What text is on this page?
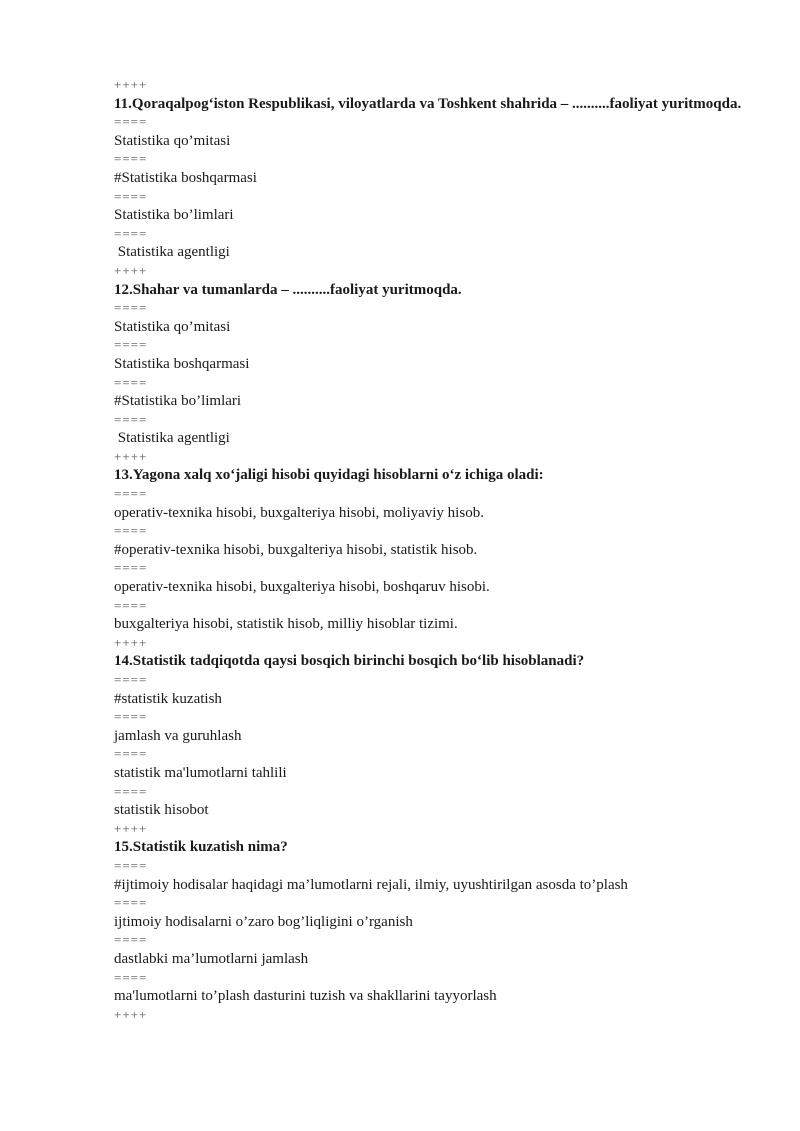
++++
11.Qoraqalpog‘iston Respublikasi, viloyatlarda va Toshkent shahrida – ..........faoliyat yuritmoqda.
====
Statistika qo’mitasi
====
#Statistika boshqarmasi
====
Statistika bo’limlari
====
Statistika agentligi
++++
12.Shahar va tumanlarda – ..........faoliyat yuritmoqda.
====
Statistika qo’mitasi
====
Statistika boshqarmasi
====
#Statistika bo’limlari
====
Statistika agentligi
++++
13.Yagona xalq xo‘jaligi hisobi quyidagi hisoblarni o‘z ichiga oladi:
====
operativ-texnika hisobi, buxgalteriya hisobi, moliyaviy hisob.
====
#operativ-texnika hisobi, buxgalteriya hisobi, statistik hisob.
====
operativ-texnika hisobi, buxgalteriya hisobi, boshqaruv hisobi.
====
buxgalteriya hisobi, statistik hisob, milliy hisoblar tizimi.
++++
14.Statistik tadqiqotda qaysi bosqich birinchi bosqich bo‘lib hisoblanadi?
====
#statistik kuzatish
====
jamlash va guruhlash
====
statistik ma'lumotlarni tahlili
====
statistik hisobot
++++
15.Statistik kuzatish nima?
====
#ijtimoiy hodisalar haqidagi ma’lumotlarni rejali, ilmiy, uyushtirilgan asosda to’plash
====
ijtimoiy hodisalarni o’zaro bog’liqligini o’rganish
====
dastlabki ma’lumotlarni jamlash
====
ma'lumotlarni to’plash dasturini tuzish va shakllarini tayyorlash
++++
